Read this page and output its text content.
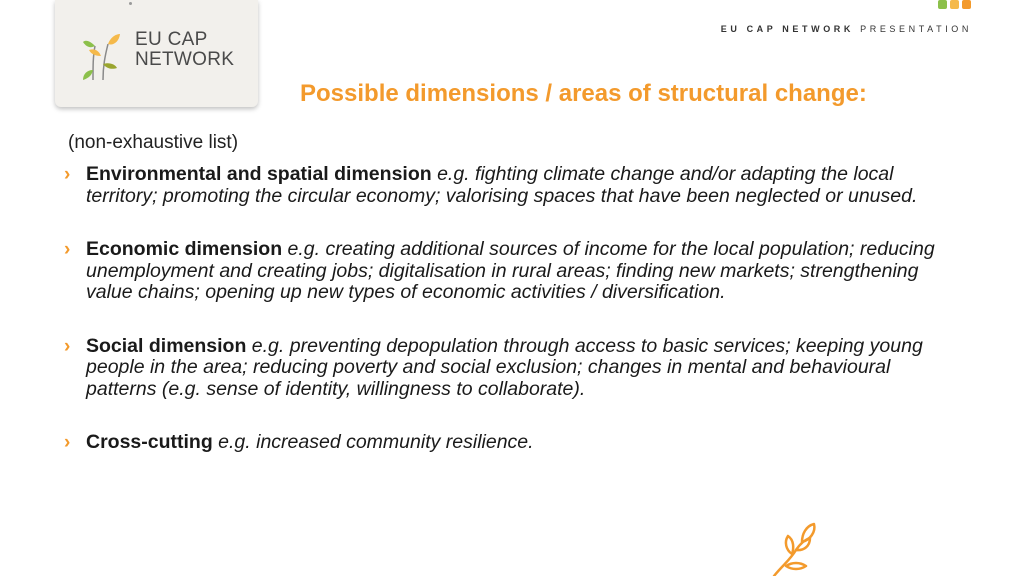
EU CAP
NETWORK
EU CAP NETWORK PRESENTATION
Possible dimensions / areas of structural change:
(non-exhaustive list)
› Environmental and spatial dimension e.g. fighting climate change and/or adapting the local territory; promoting the circular economy; valorising spaces that have been neglected or unused.
› Economic dimension e.g. creating additional sources of income for the local population; reducing unemployment and creating jobs; digitalisation in rural areas; finding new markets; strengthening value chains; opening up new types of economic activities / diversification.
› Social dimension e.g. preventing depopulation through access to basic services; keeping young people in the area; reducing poverty and social exclusion; changes in mental and behavioural patterns (e.g. sense of identity, willingness to collaborate).
› Cross-cutting e.g. increased community resilience.
